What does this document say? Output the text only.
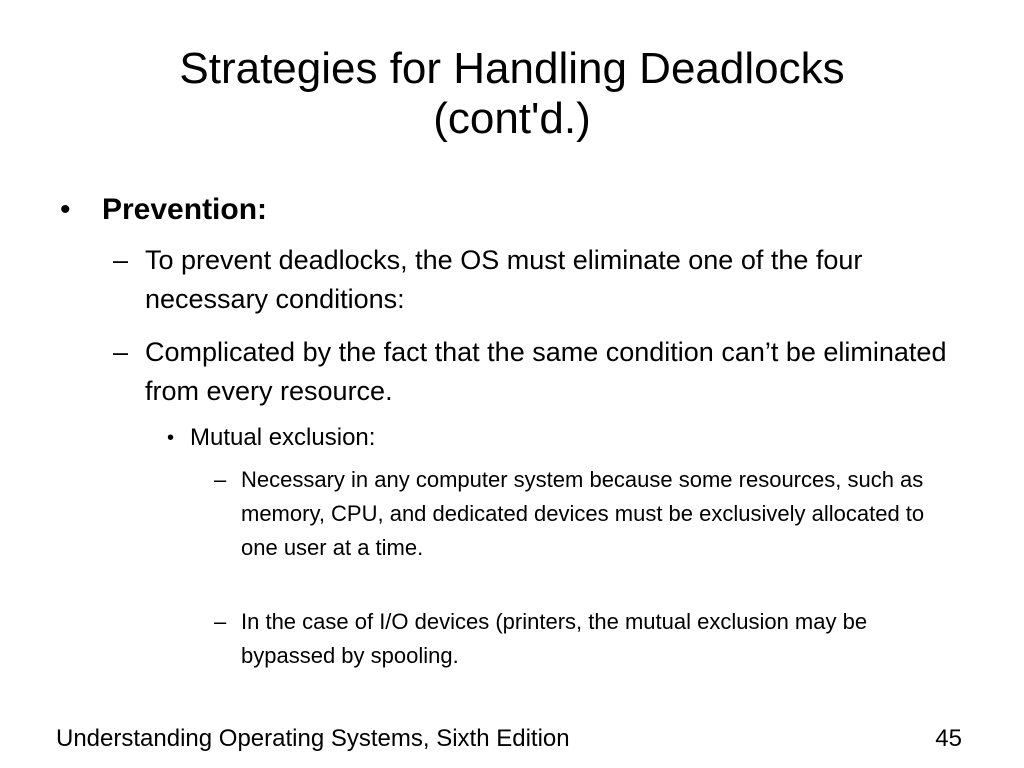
Strategies for Handling Deadlocks
(cont'd.)
• Prevention:
– To prevent deadlocks, the OS must eliminate one of the four necessary conditions:
– Complicated by the fact that the same condition can’t be eliminated from every resource.
• Mutual exclusion:
– Necessary in any computer system because some resources, such as memory, CPU, and dedicated devices must be exclusively allocated to one user at a time.
– In the case of I/O devices (printers, the mutual exclusion may be bypassed by spooling.
Understanding Operating Systems, Sixth Edition	45
